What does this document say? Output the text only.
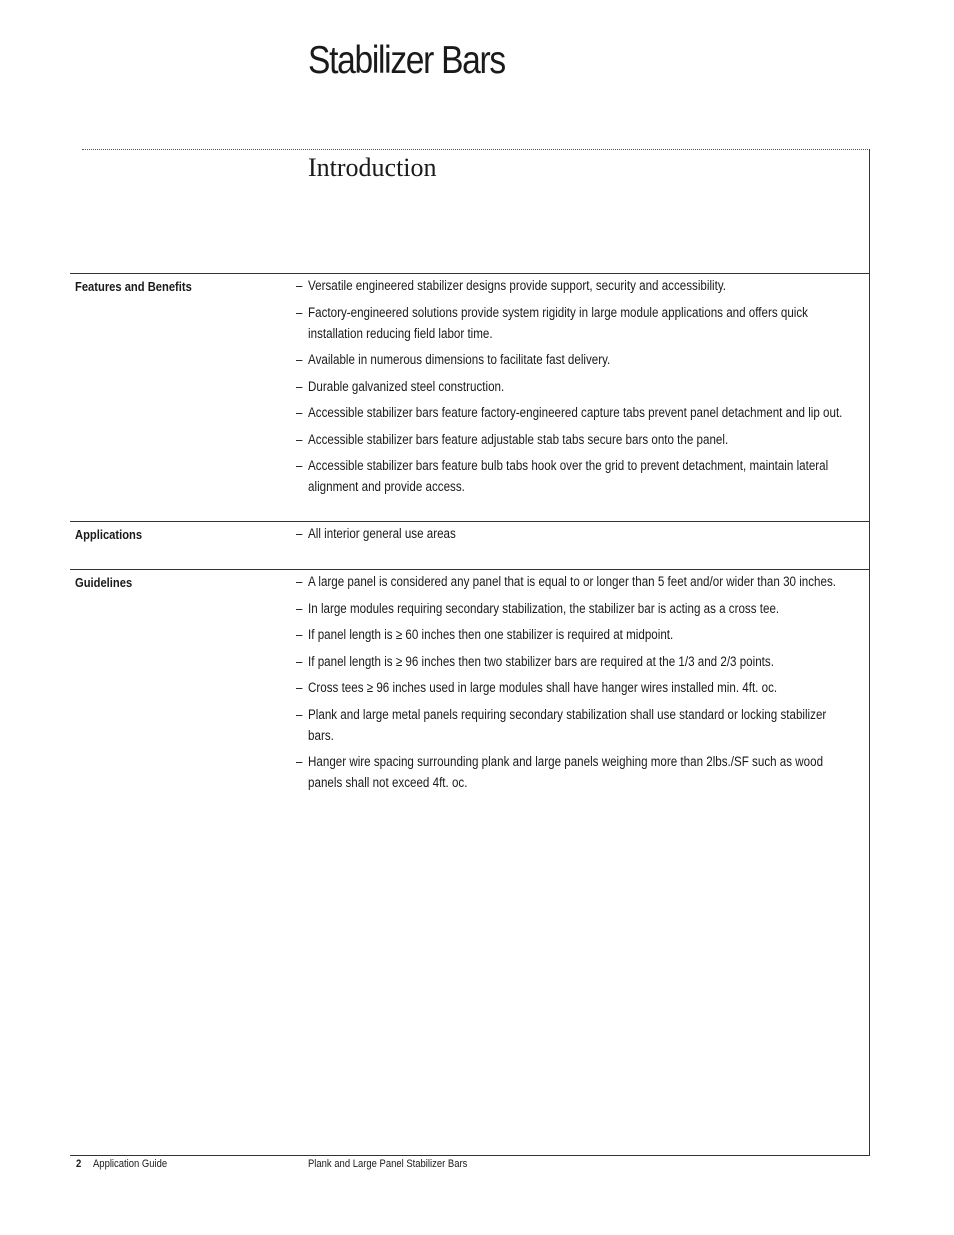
Stabilizer Bars
Introduction
Features and Benefits	– Versatile engineered stabilizer designs provide support, security and accessibility.
– Factory-engineered solutions provide system rigidity in large module applications and offers quick installation reducing field labor time.
– Available in numerous dimensions to facilitate fast delivery.
– Durable galvanized steel construction.
– Accessible stabilizer bars feature factory-engineered capture tabs prevent panel detachment and lip out.
– Accessible stabilizer bars feature adjustable stab tabs secure bars onto the panel.
– Accessible stabilizer bars feature bulb tabs hook over the grid to prevent detachment, maintain lateral alignment and provide access.
Applications	– All interior general use areas
Guidelines	– A large panel is considered any panel that is equal to or longer than 5 feet and/or wider than 30 inches.
– In large modules requiring secondary stabilization, the stabilizer bar is acting as a cross tee.
– If panel length is ≥ 60 inches then one stabilizer is required at midpoint.
– If panel length is ≥ 96 inches then two stabilizer bars are required at the 1/3 and 2/3 points.
– Cross tees ≥ 96 inches used in large modules shall have hanger wires installed min. 4ft. oc.
– Plank and large metal panels requiring secondary stabilization shall use standard or locking stabilizer bars.
– Hanger wire spacing surrounding plank and large panels weighing more than 2lbs./SF such as wood panels shall not exceed 4ft. oc.
2 Application Guide	Plank and Large Panel Stabilizer Bars
